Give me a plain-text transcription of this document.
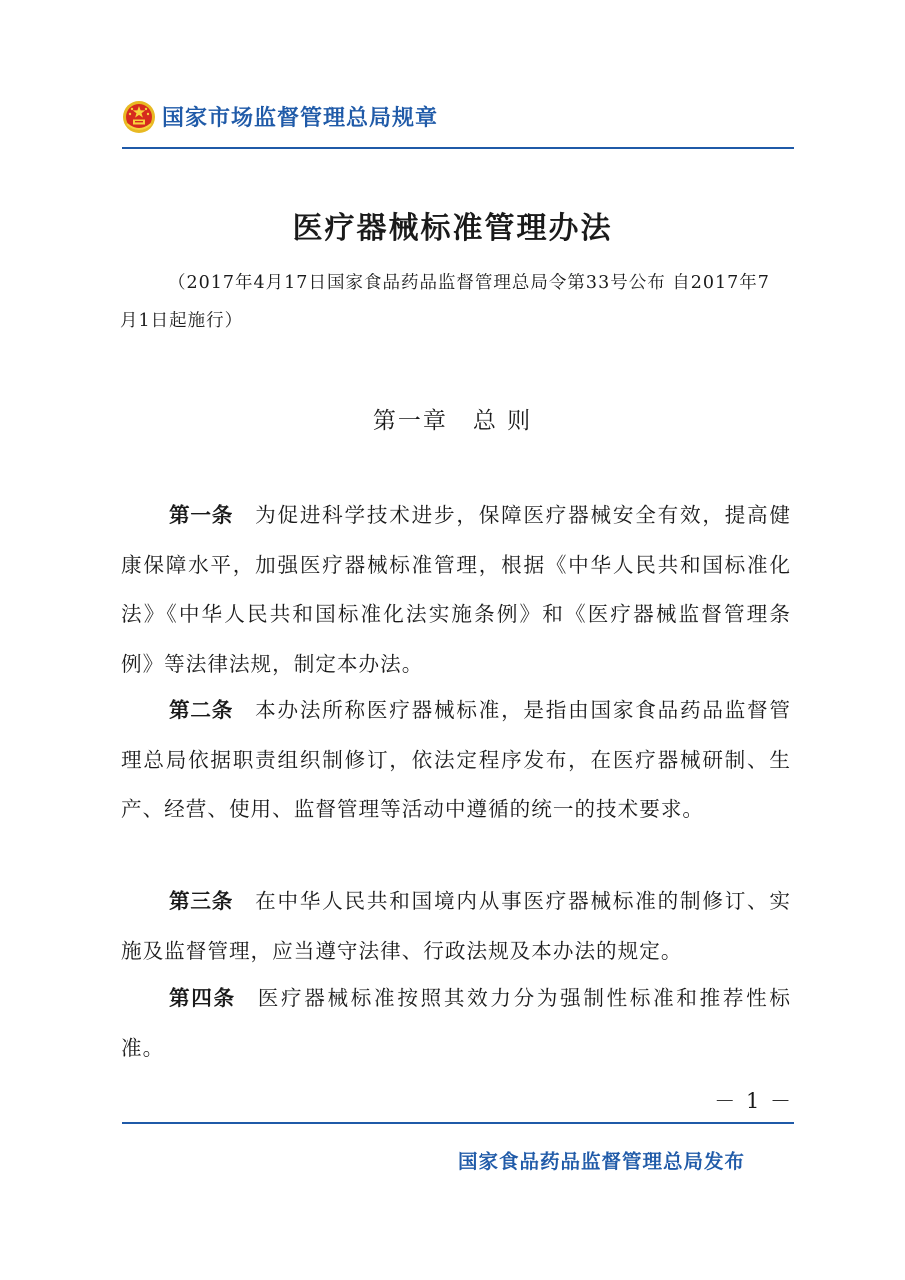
国家市场监督管理总局规章
医疗器械标准管理办法
（2017年4月17日国家食品药品监督管理总局令第33号公布 自2017年7月1日起施行）
第一章　总 则

第一条 为促进科学技术进步，保障医疗器械安全有效，提高健康保障水平，加强医疗器械标准管理，根据《中华人民共和国标准化法》《中华人民共和国标准化法实施条例》和《医疗器械监督管理条例》等法律法规，制定本办法。

第二条 本办法所称医疗器械标准，是指由国家食品药品监督管理总局依据职责组织制修订，依法定程序发布，在医疗器械研制、生产、经营、使用、监督管理等活动中遵循的统一的技术要求。

第三条 在中华人民共和国境内从事医疗器械标准的制修订、实施及监督管理，应当遵守法律、行政法规及本办法的规定。

第四条 医疗器械标准按照其效力分为强制性标准和推荐性标准。

－ 1 －
国家食品药品监督管理总局发布
